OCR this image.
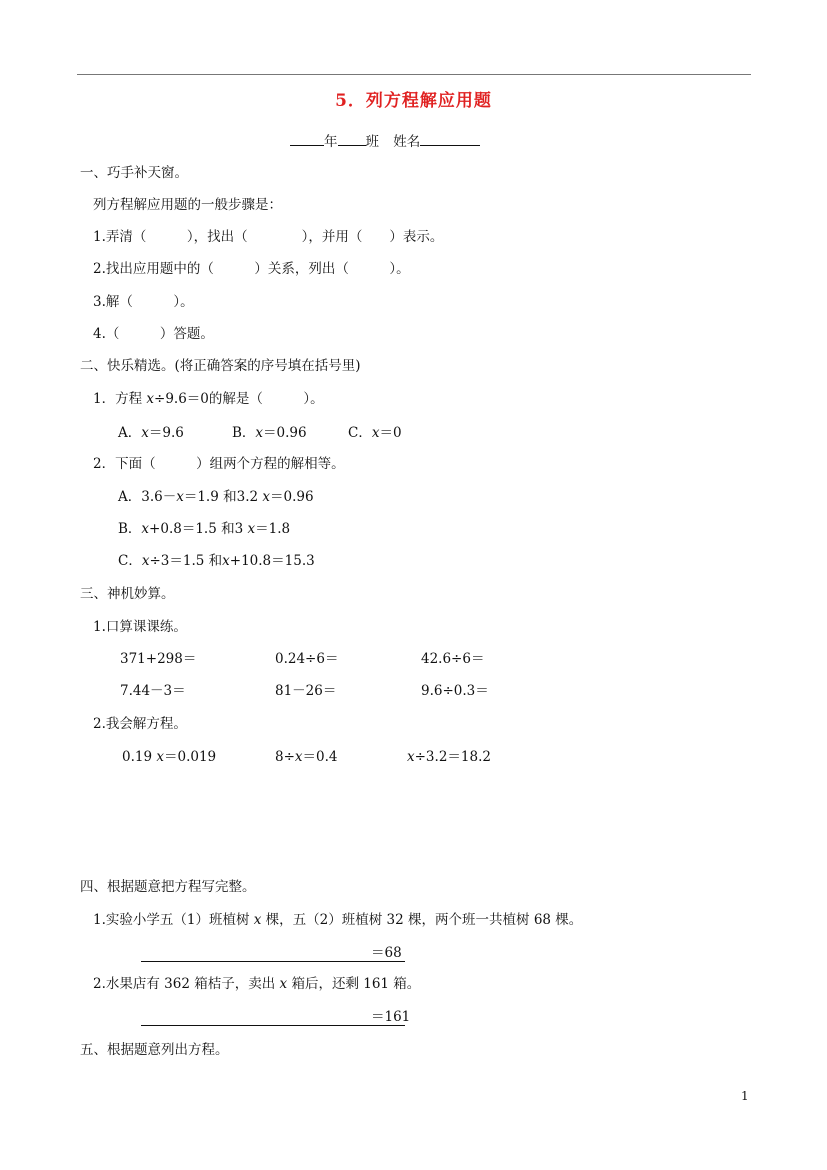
5．列方程解应用题
年 班 姓名
一、巧手补天窗。
列方程解应用题的一般步骤是：
1.弄清（　　　），找出（　　　　），并用（　　）表示。
2.找出应用题中的（　　　）关系，列出（　　　）。
3.解（　　　）。
4.（　　　）答题。
二、快乐精选。(将正确答案的序号填在括号里)
1．方程 x÷9.6＝0的解是（　　　）。
A．x＝9.6	B．x＝0.96	C．x＝0
2．下面（　　　）组两个方程的解相等。
A．3.6－x＝1.9 和3.2 x＝0.96
B．x+0.8＝1.5 和3 x＝1.8
C．x÷3＝1.5 和x+10.8＝15.3
三、神机妙算。
1.口算课课练。
371+298＝	0.24÷6＝	42.6÷6＝
7.44－3＝	81－26＝	9.6÷0.3＝
2.我会解方程。
0.19 x＝0.019	8÷x＝0.4	x÷3.2＝18.2
四、根据题意把方程写完整。
1.实验小学五（1）班植树 x 棵，五（2）班植树 32 棵，两个班一共植树 68 棵。
＝68
2.水果店有 362 箱桔子，卖出 x 箱后，还剩 161 箱。
＝161
五、根据题意列出方程。
1
